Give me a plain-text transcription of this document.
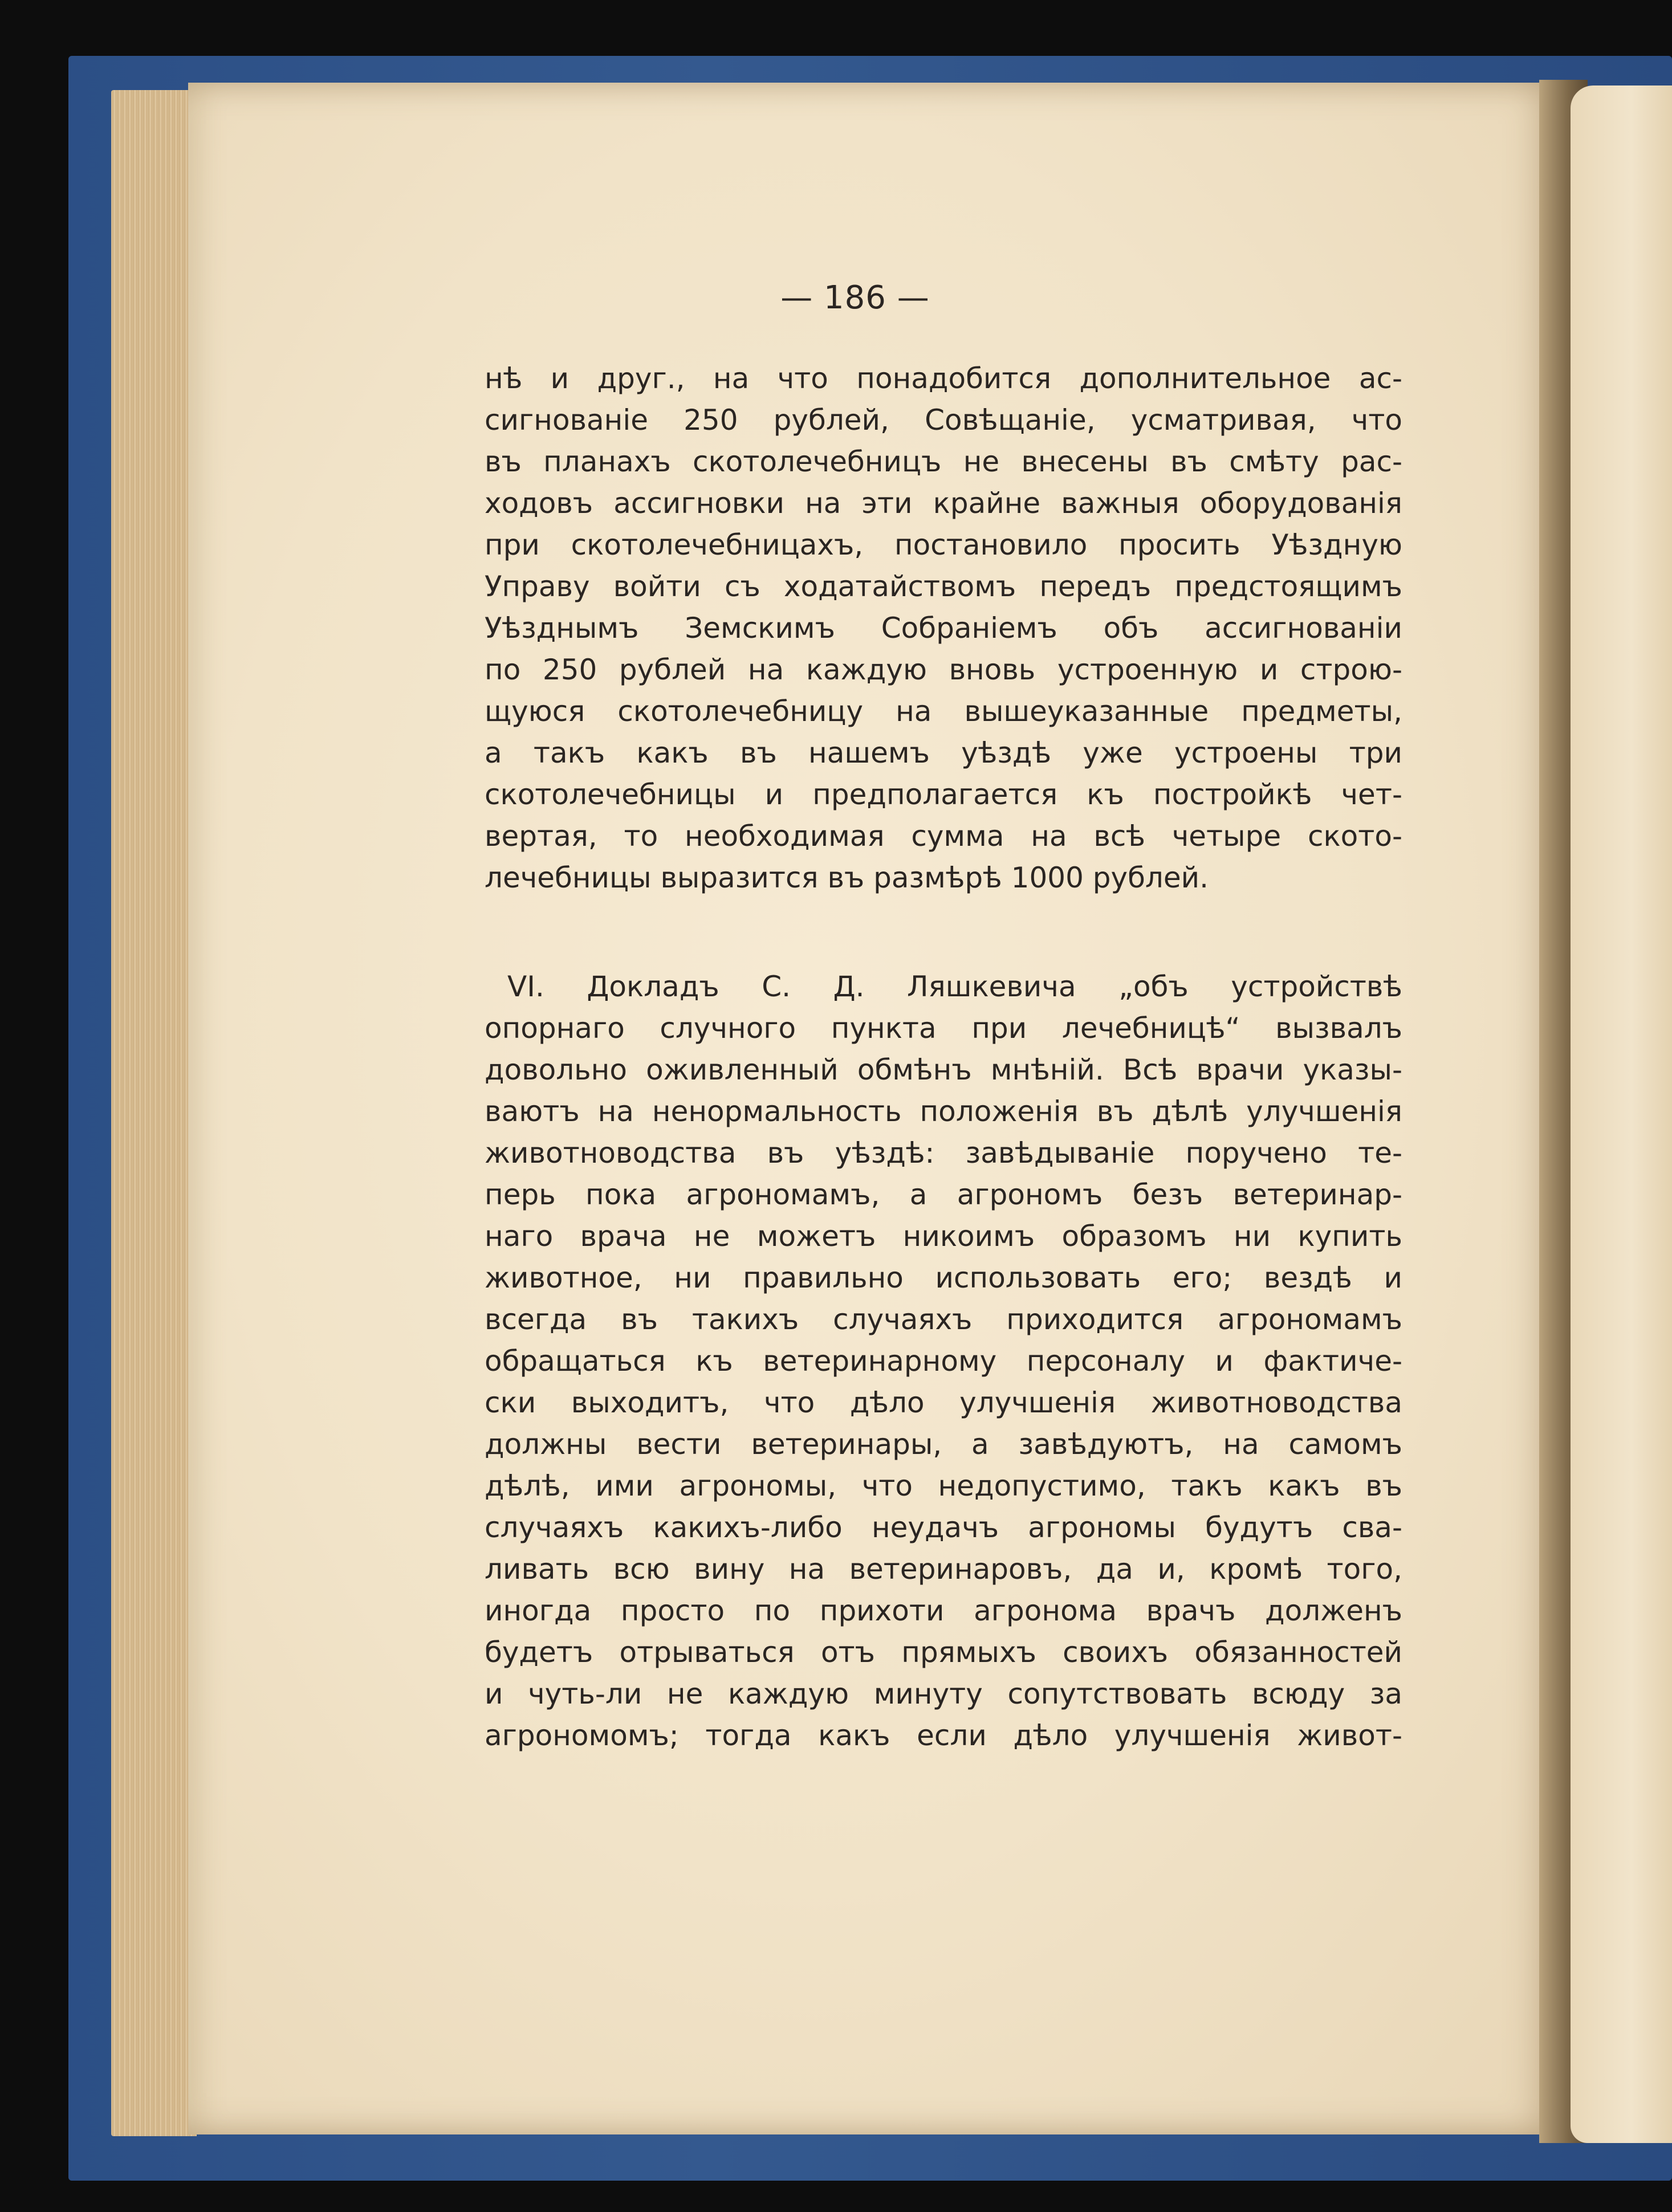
— 186 —
нѣ и друг., на что понадобится дополнительное ас-
сигнованіе 250 рублей, Совѣщаніе, усматривая, что
въ планахъ скотолечебницъ не внесены въ смѣту рас-
ходовъ ассигновки на эти крайне важныя оборудованія
при скотолечебницахъ, постановило просить Уѣздную
Управу войти съ ходатайствомъ передъ предстоящимъ
Уѣзднымъ Земскимъ Собраніемъ объ ассигнованіи
по 250 рублей на каждую вновь устроенную и строю-
щуюся скотолечебницу на вышеуказанные предметы,
а такъ какъ въ нашемъ уѣздѣ уже устроены три
скотолечебницы и предполагается къ постройкѣ чет-
вертая, то необходимая сумма на всѣ четыре ското-
лечебницы выразится въ размѣрѣ 1000 рублей.
VI. Докладъ С. Д. Ляшкевича „объ устройствѣ
опорнаго случного пункта при лечебницѣ“ вызвалъ
довольно оживленный обмѣнъ мнѣній. Всѣ врачи указы-
ваютъ на ненормальность положенія въ дѣлѣ улучшенія
животноводства въ уѣздѣ: завѣдываніе поручено те-
перь пока агрономамъ, а агрономъ безъ ветеринар-
наго врача не можетъ никоимъ образомъ ни купить
животное, ни правильно использовать его; вездѣ и
всегда въ такихъ случаяхъ приходится агрономамъ
обращаться къ ветеринарному персоналу и фактиче-
ски выходитъ, что дѣло улучшенія животноводства
должны вести ветеринары, а завѣдуютъ, на самомъ
дѣлѣ, ими агрономы, что недопустимо, такъ какъ въ
случаяхъ какихъ-либо неудачъ агрономы будутъ сва-
ливать всю вину на ветеринаровъ, да и, кромѣ того,
иногда просто по прихоти агронома врачъ долженъ
будетъ отрываться отъ прямыхъ своихъ обязанностей
и чуть-ли не каждую минуту сопутствовать всюду за
агрономомъ; тогда какъ если дѣло улучшенія живот-
